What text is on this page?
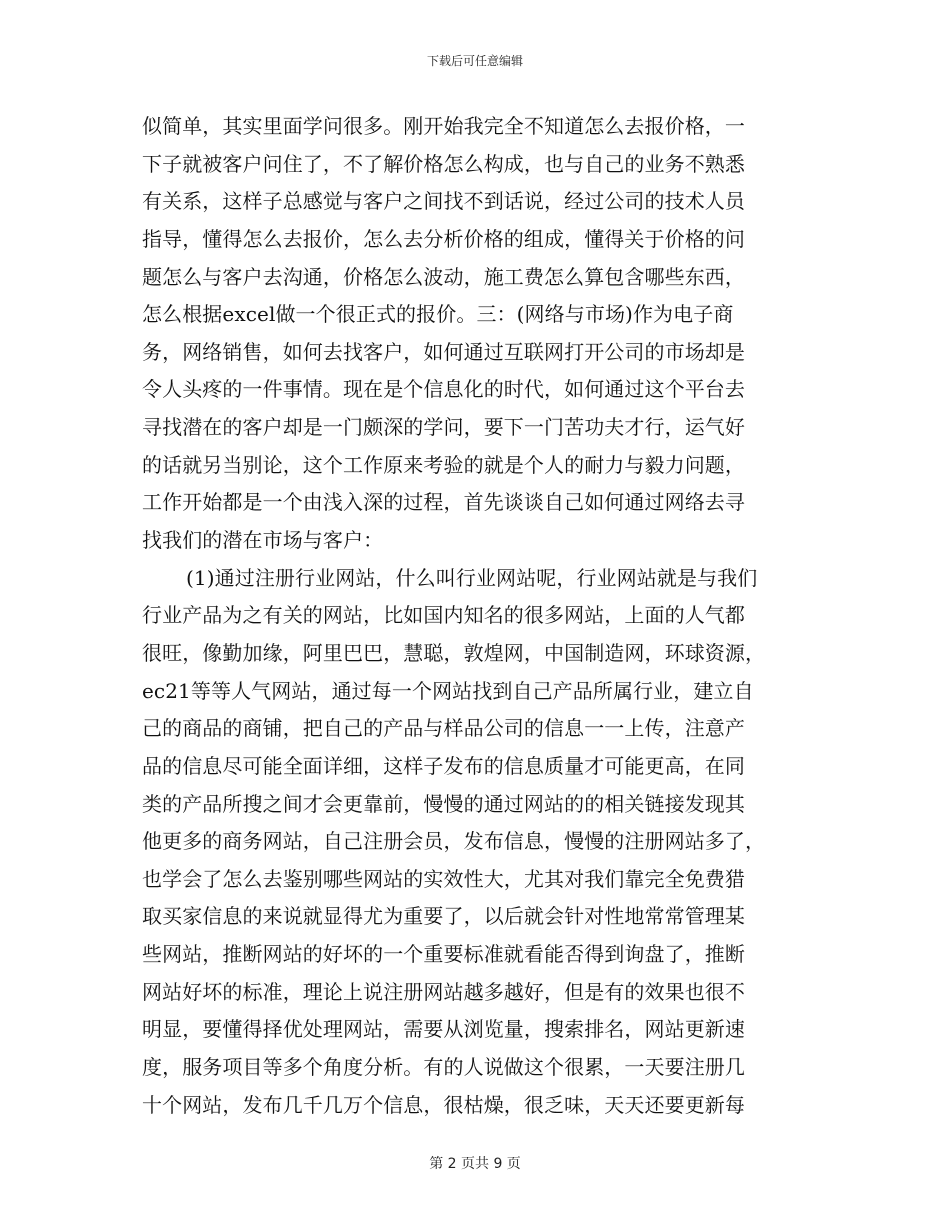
下载后可任意编辑
似简单，其实里面学问很多。刚开始我完全不知道怎么去报价格，一
下子就被客户问住了，不了解价格怎么构成，也与自己的业务不熟悉
有关系，这样子总感觉与客户之间找不到话说，经过公司的技术人员
指导，懂得怎么去报价，怎么去分析价格的组成，懂得关于价格的问
题怎么与客户去沟通，价格怎么波动，施工费怎么算包含哪些东西，
怎么根据excel做一个很正式的报价。三：(网络与市场)作为电子商
务，网络销售，如何去找客户，如何通过互联网打开公司的市场却是
令人头疼的一件事情。现在是个信息化的时代，如何通过这个平台去
寻找潜在的客户却是一门颇深的学问，要下一门苦功夫才行，运气好
的话就另当别论，这个工作原来考验的就是个人的耐力与毅力问题，
工作开始都是一个由浅入深的过程，首先谈谈自己如何通过网络去寻
找我们的潜在市场与客户：
(1)通过注册行业网站，什么叫行业网站呢，行业网站就是与我们
行业产品为之有关的网站，比如国内知名的很多网站，上面的人气都
很旺，像勤加缘，阿里巴巴，慧聪，敦煌网，中国制造网，环球资源，
ec21等等人气网站，通过每一个网站找到自己产品所属行业，建立自
己的商品的商铺，把自己的产品与样品公司的信息一一上传，注意产
品的信息尽可能全面详细，这样子发布的信息质量才可能更高，在同
类的产品所搜之间才会更靠前，慢慢的通过网站的的相关链接发现其
他更多的商务网站，自己注册会员，发布信息，慢慢的注册网站多了，
也学会了怎么去鉴别哪些网站的实效性大，尤其对我们靠完全免费猎
取买家信息的来说就显得尤为重要了，以后就会针对性地常常管理某
些网站，推断网站的好坏的一个重要标准就看能否得到询盘了，推断
网站好坏的标准，理论上说注册网站越多越好，但是有的效果也很不
明显，要懂得择优处理网站，需要从浏览量，搜索排名，网站更新速
度，服务项目等多个角度分析。有的人说做这个很累，一天要注册几
十个网站，发布几千几万个信息，很枯燥，很乏味，天天还要更新每
第 2 页共 9 页
